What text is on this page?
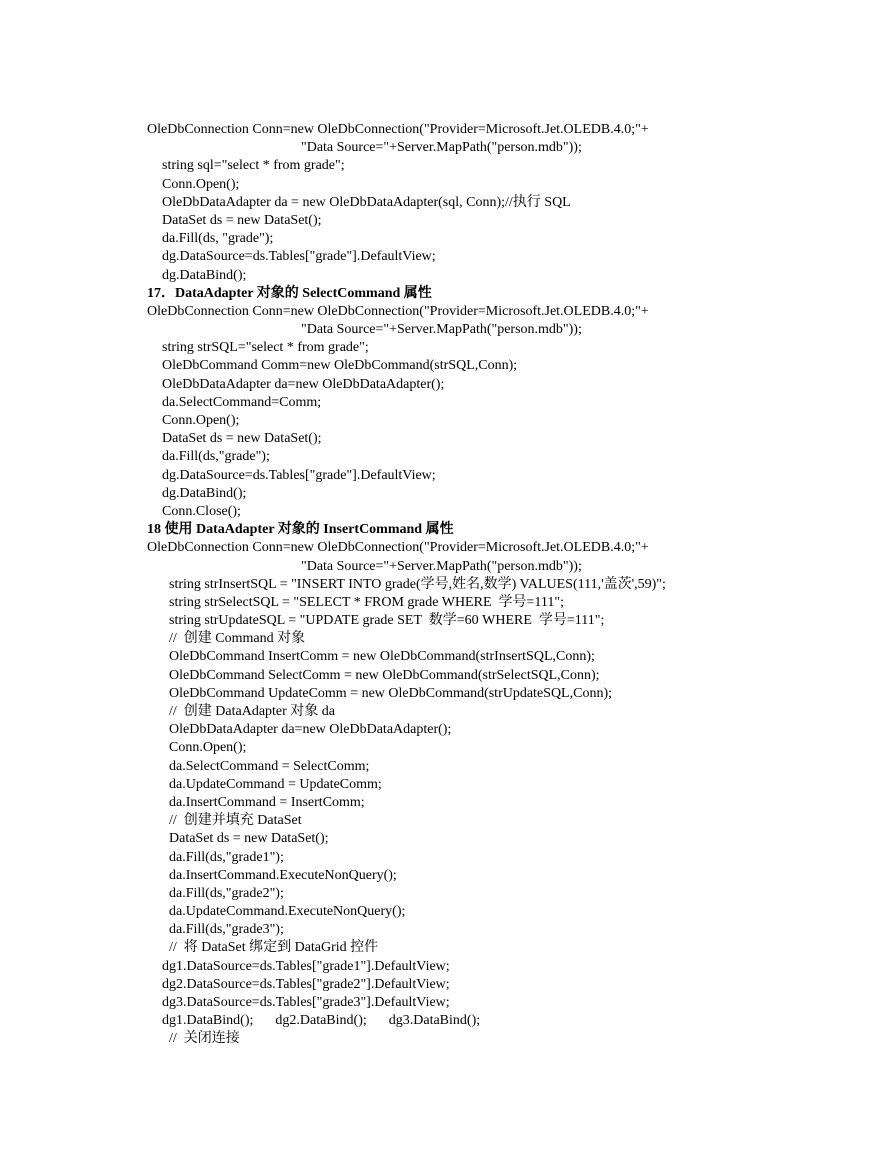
OleDbConnection Conn=new OleDbConnection("Provider=Microsoft.Jet.OLEDB.4.0;"+
"Data Source="+Server.MapPath("person.mdb"));
string sql="select * from grade";
Conn.Open();
OleDbDataAdapter da = new OleDbDataAdapter(sql, Conn);//执行 SQL
DataSet ds = new DataSet();
da.Fill(ds, "grade");
dg.DataSource=ds.Tables["grade"].DefaultView;
dg.DataBind();
17．DataAdapter 对象的 SelectCommand 属性
OleDbConnection Conn=new OleDbConnection("Provider=Microsoft.Jet.OLEDB.4.0;"+
"Data Source="+Server.MapPath("person.mdb"));
string strSQL="select * from grade";
OleDbCommand Comm=new OleDbCommand(strSQL,Conn);
OleDbDataAdapter da=new OleDbDataAdapter();
da.SelectCommand=Comm;
Conn.Open();
DataSet ds = new DataSet();
da.Fill(ds,"grade");
dg.DataSource=ds.Tables["grade"].DefaultView;
dg.DataBind();
Conn.Close();
18 使用 DataAdapter 对象的 InsertCommand 属性
OleDbConnection Conn=new OleDbConnection("Provider=Microsoft.Jet.OLEDB.4.0;"+
"Data Source="+Server.MapPath("person.mdb"));
string strInsertSQL = "INSERT INTO grade(学号,姓名,数学) VALUES(111,'盖茨',59)";
string strSelectSQL = "SELECT * FROM grade WHERE  学号=111";
string strUpdateSQL = "UPDATE grade SET  数学=60 WHERE  学号=111";
//  创建 Command 对象
OleDbCommand InsertComm = new OleDbCommand(strInsertSQL,Conn);
OleDbCommand SelectComm = new OleDbCommand(strSelectSQL,Conn);
OleDbCommand UpdateComm = new OleDbCommand(strUpdateSQL,Conn);
//  创建 DataAdapter 对象 da
OleDbDataAdapter da=new OleDbDataAdapter();
Conn.Open();
da.SelectCommand = SelectComm;
da.UpdateCommand = UpdateComm;
da.InsertCommand = InsertComm;
//  创建并填充 DataSet
DataSet ds = new DataSet();
da.Fill(ds,"grade1");
da.InsertCommand.ExecuteNonQuery();
da.Fill(ds,"grade2");
da.UpdateCommand.ExecuteNonQuery();
da.Fill(ds,"grade3");
//  将 DataSet 绑定到 DataGrid 控件
dg1.DataSource=ds.Tables["grade1"].DefaultView;
dg2.DataSource=ds.Tables["grade2"].DefaultView;
dg3.DataSource=ds.Tables["grade3"].DefaultView;
dg1.DataBind(); dg2.DataBind(); dg3.DataBind();
//  关闭连接
